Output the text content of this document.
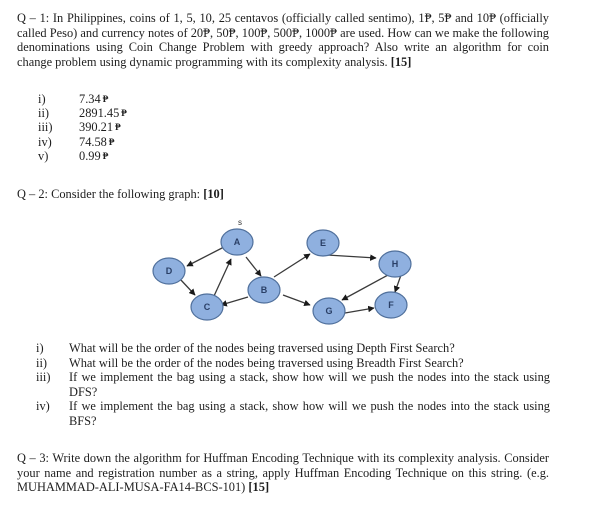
Q – 1: In Philippines, coins of 1, 5, 10, 25 centavos (officially called sentimo), 1₱, 5₱ and 10₱ (officially called Peso) and currency notes of 20₱, 50₱, 100₱, 500₱, 1000₱ are used. How can we make the following denominations using Coin Change Problem with greedy approach? Also write an algorithm for coin change problem using dynamic programming with its complexity analysis. [15]
i)	7.34 ₱
ii)	2891.45 ₱
iii)	390.21 ₱
iv)	74.58 ₱
v)	0.99 ₱
Q – 2: Consider the following graph: [10]
s
A
D
C
B
E
H
G
F
i)	What will be the order of the nodes being traversed using Depth First Search?
ii)	What will be the order of the nodes being traversed using Breadth First Search?
iii)	If we implement the bag using a stack, show how will we push the nodes into the stack using DFS?
iv)	If we implement the bag using a stack, show how will we push the nodes into the stack using BFS?
Q – 3: Write down the algorithm for Huffman Encoding Technique with its complexity analysis. Consider your name and registration number as a string, apply Huffman Encoding Technique on this string. (e.g. MUHAMMAD-ALI-MUSA-FA14-BCS-101) [15]
